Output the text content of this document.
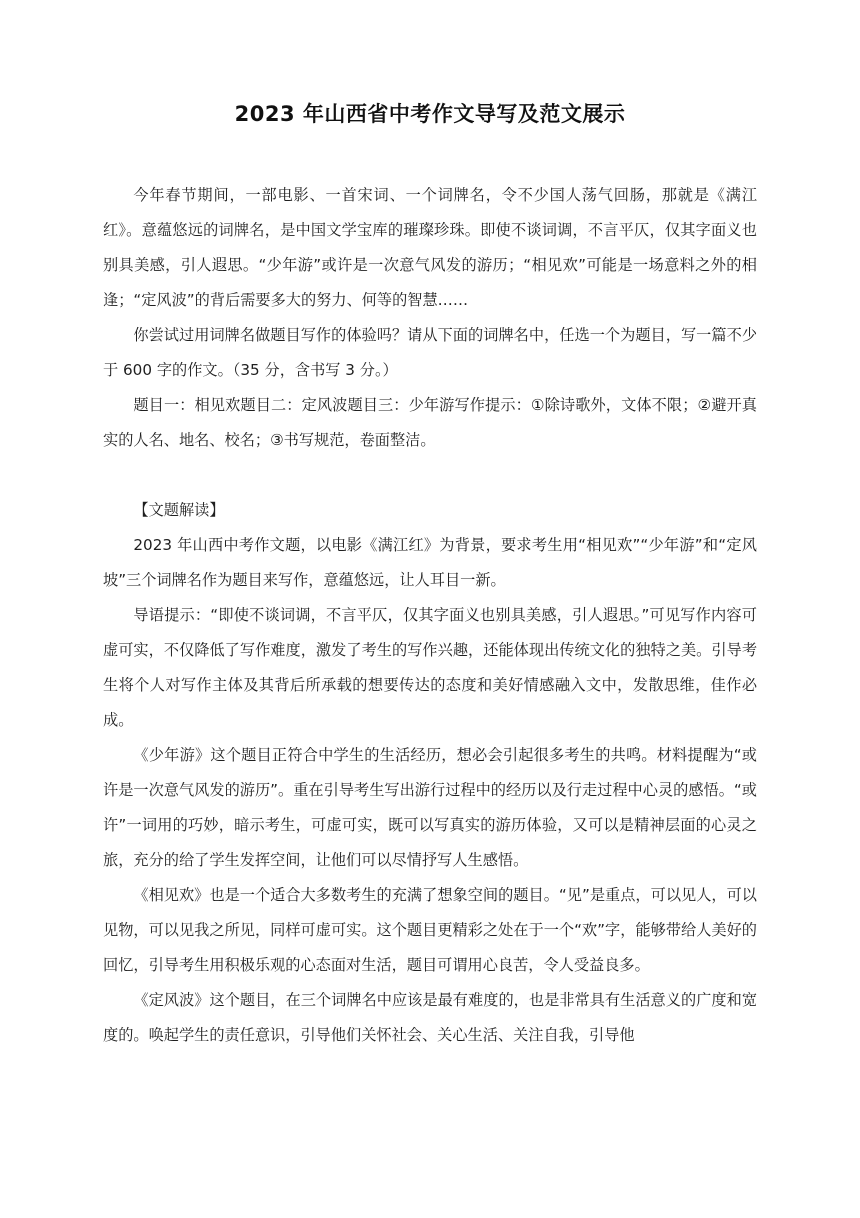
2023 年山西省中考作文导写及范文展示

今年春节期间，一部电影、一首宋词、一个词牌名，令不少国人荡气回肠，那就是《满江红》。意蕴悠远的词牌名，是中国文学宝库的璀璨珍珠。即使不谈词调，不言平仄，仅其字面义也别具美感，引人遐思。“少年游”或许是一次意气风发的游历；“相见欢”可能是一场意料之外的相逢；“定风波”的背后需要多大的努力、何等的智慧……

你尝试过用词牌名做题目写作的体验吗？请从下面的词牌名中，任选一个为题目，写一篇不少于 600 字的作文。（35 分，含书写 3 分。）

题目一：相见欢题目二：定风波题目三：少年游写作提示：①除诗歌外，文体不限；②避开真实的人名、地名、校名；③书写规范，卷面整洁。

【文题解读】

2023 年山西中考作文题，以电影《满江红》为背景，要求考生用“相见欢”“少年游”和“定风坡”三个词牌名作为题目来写作，意蕴悠远，让人耳目一新。

导语提示：“即使不谈词调，不言平仄，仅其字面义也别具美感，引人遐思。”可见写作内容可虚可实，不仅降低了写作难度，激发了考生的写作兴趣，还能体现出传统文化的独特之美。引导考生将个人对写作主体及其背后所承载的想要传达的态度和美好情感融入文中，发散思维，佳作必成。

《少年游》这个题目正符合中学生的生活经历，想必会引起很多考生的共鸣。材料提醒为“或许是一次意气风发的游历”。重在引导考生写出游行过程中的经历以及行走过程中心灵的感悟。“或许”一词用的巧妙，暗示考生，可虚可实，既可以写真实的游历体验，又可以是精神层面的心灵之旅，充分的给了学生发挥空间，让他们可以尽情抒写人生感悟。

《相见欢》也是一个适合大多数考生的充满了想象空间的题目。“见”是重点，可以见人，可以见物，可以见我之所见，同样可虚可实。这个题目更精彩之处在于一个“欢”字，能够带给人美好的回忆，引导考生用积极乐观的心态面对生活，题目可谓用心良苦，令人受益良多。

《定风波》这个题目，在三个词牌名中应该是最有难度的，也是非常具有生活意义的广度和宽度的。唤起学生的责任意识，引导他们关怀社会、关心生活、关注自我，引导他
